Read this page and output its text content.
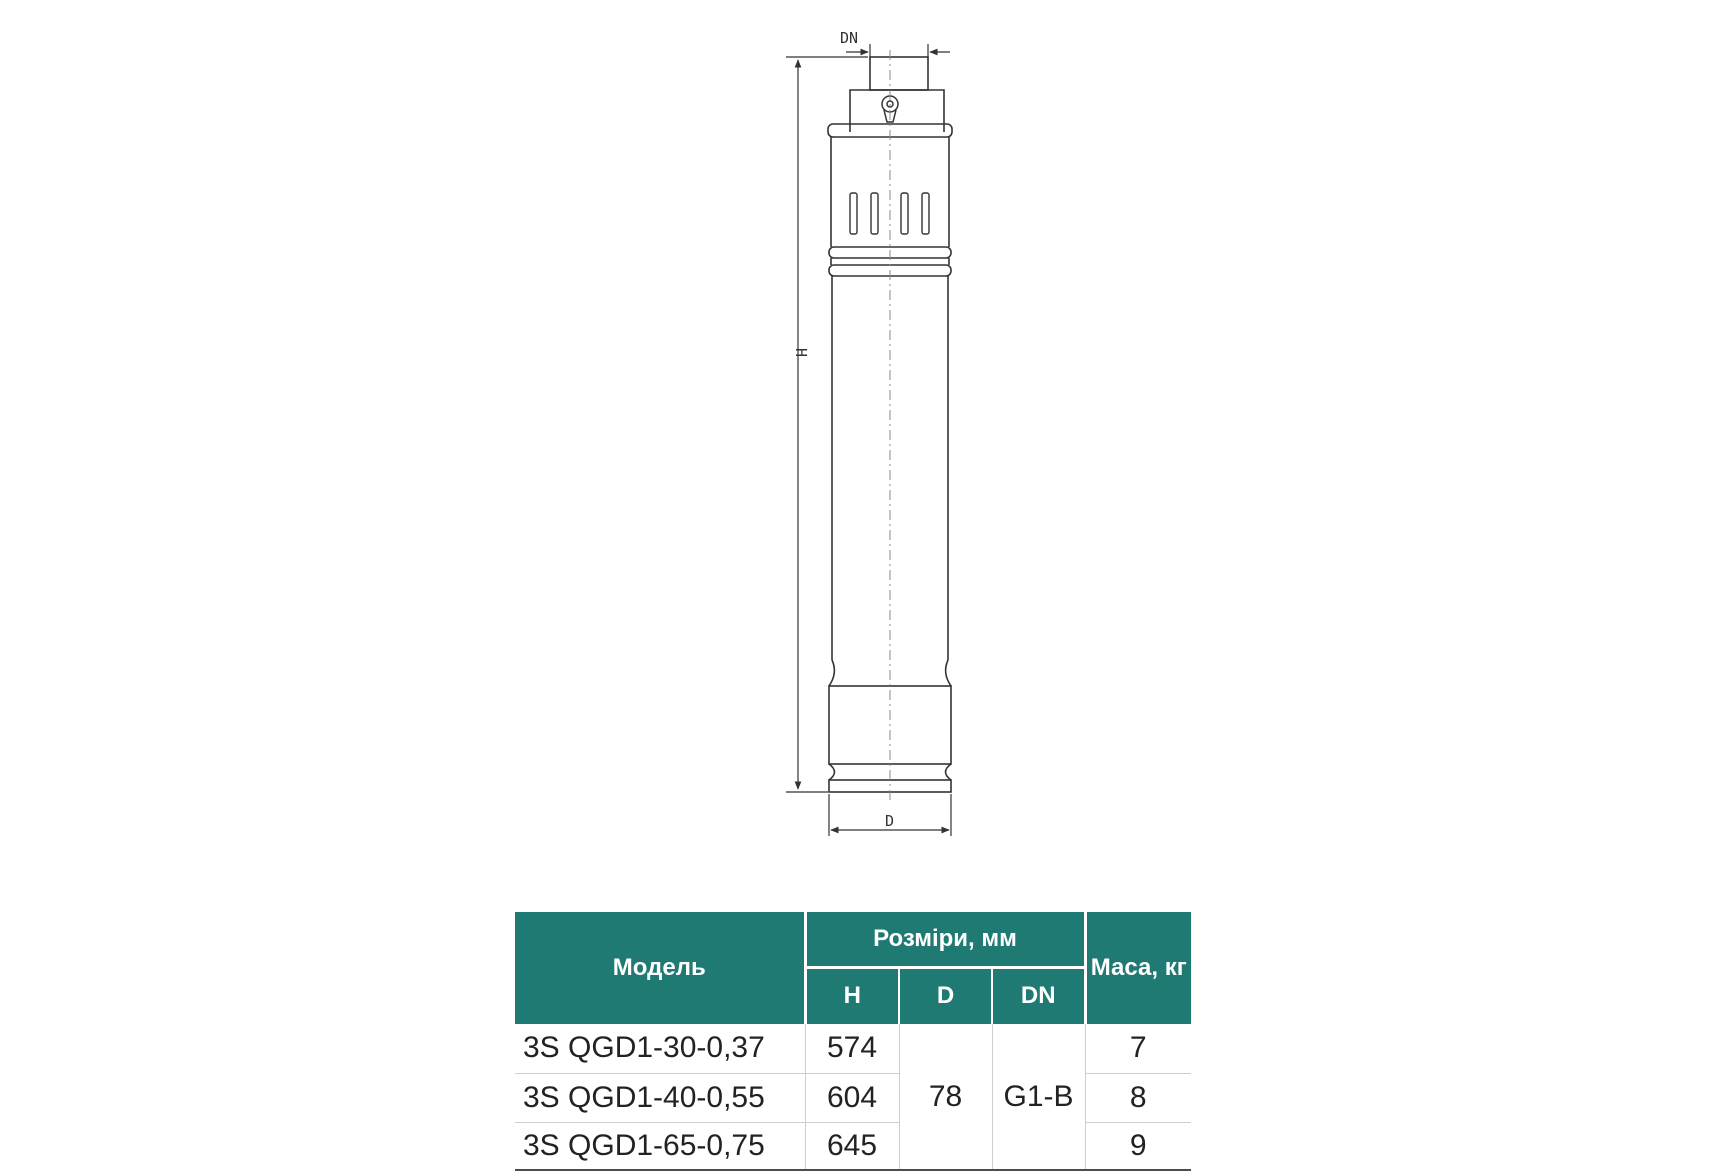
DN
H
D
Модель	Розміри, мм			Маса, кг
	H	D	DN	
3S QGD1-30-0,37	574	78	G1-B	7
3S QGD1-40-0,55	604			8
3S QGD1-65-0,75	645			9
